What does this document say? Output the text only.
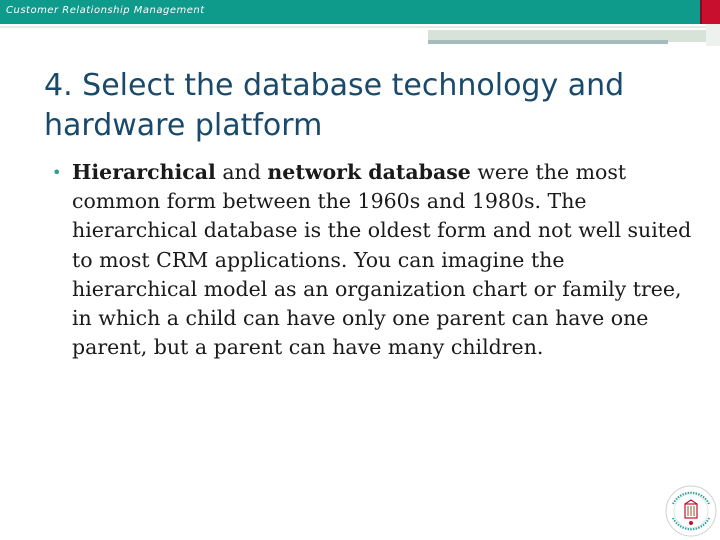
Customer Relationship Management
4. Select the database technology and hardware platform
• Hierarchical and network database were the most common form between the 1960s and 1980s. The hierarchical database is the oldest form and not well suited to most CRM applications. You can imagine the hierarchical model as an organization chart or family tree, in which a child can have only one parent can have one parent, but a parent can have many children.
